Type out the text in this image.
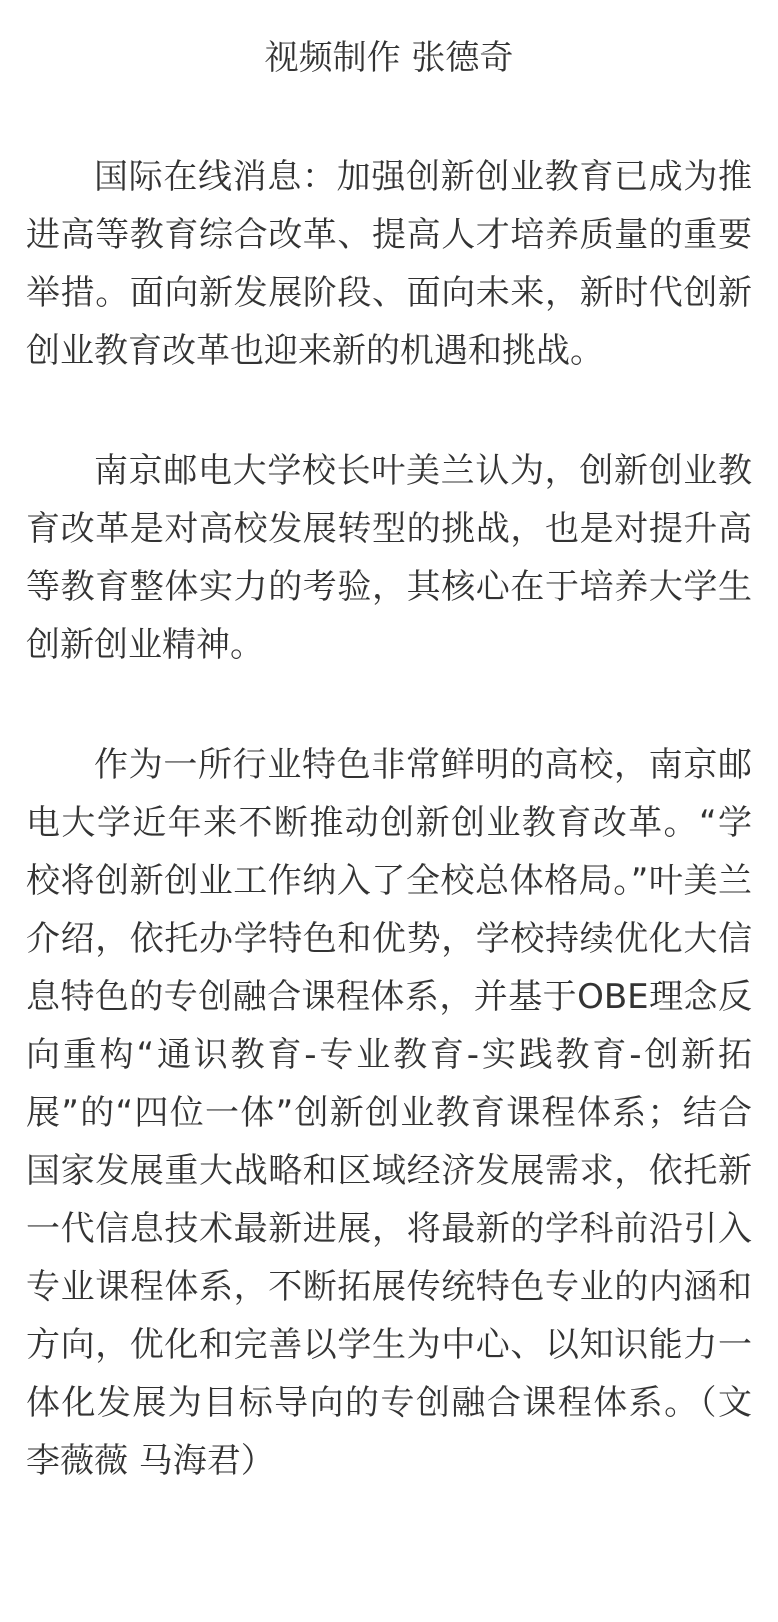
视频制作 张德奇

国际在线消息：加强创新创业教育已成为推进高等教育综合改革、提高人才培养质量的重要举措。面向新发展阶段、面向未来，新时代创新创业教育改革也迎来新的机遇和挑战。

南京邮电大学校长叶美兰认为，创新创业教育改革是对高校发展转型的挑战，也是对提升高等教育整体实力的考验，其核心在于培养大学生创新创业精神。

作为一所行业特色非常鲜明的高校，南京邮电大学近年来不断推动创新创业教育改革。“学校将创新创业工作纳入了全校总体格局。”叶美兰介绍，依托办学特色和优势，学校持续优化大信息特色的专创融合课程体系，并基于OBE理念反向重构“通识教育-专业教育-实践教育-创新拓展”的“四位一体”创新创业教育课程体系；结合国家发展重大战略和区域经济发展需求，依托新一代信息技术最新进展，将最新的学科前沿引入专业课程体系，不断拓展传统特色专业的内涵和方向，优化和完善以学生为中心、以知识能力一体化发展为目标导向的专创融合课程体系。（文 李薇薇 马海君）
